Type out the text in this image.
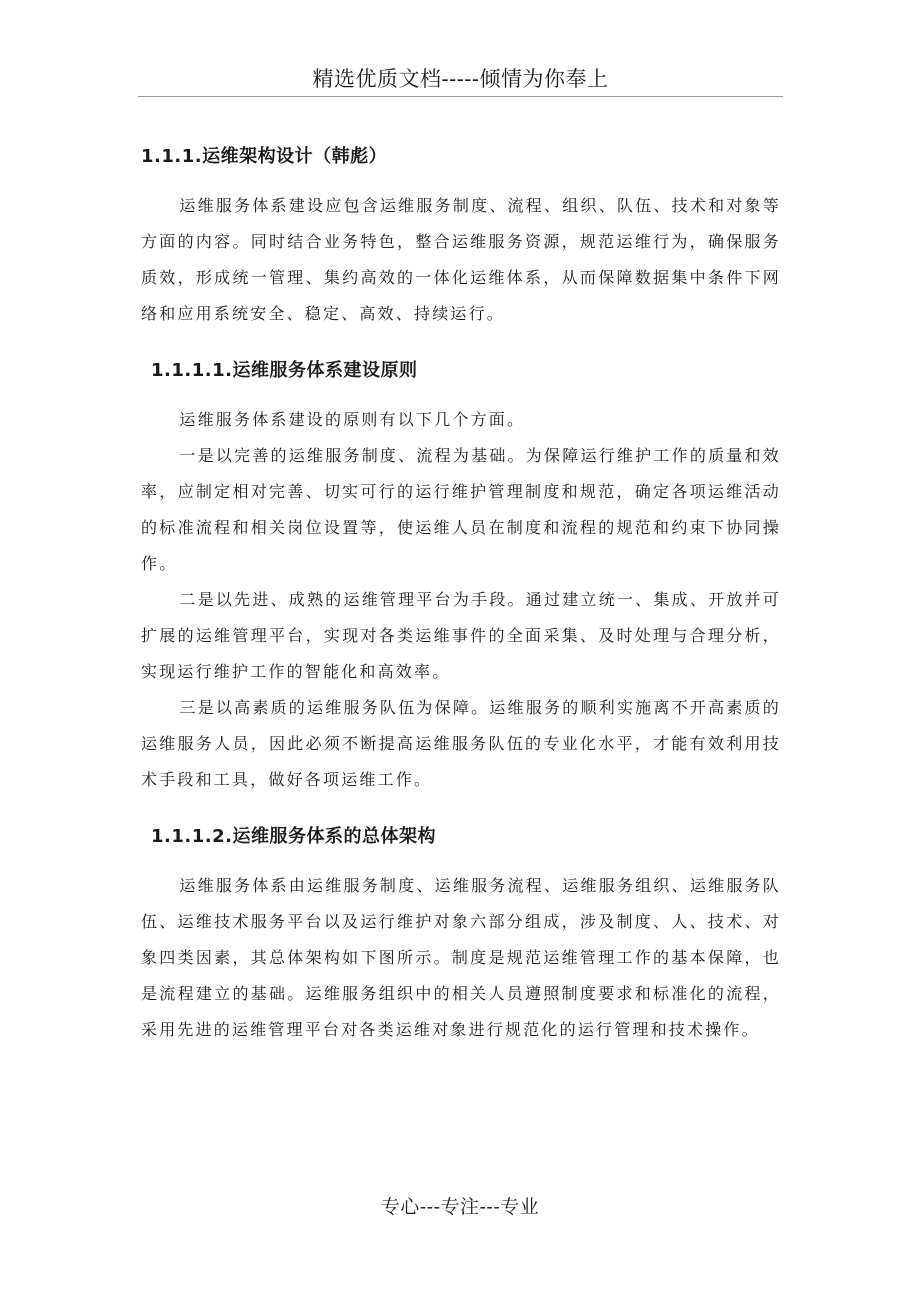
精选优质文档-----倾情为你奉上
1.1.1.运维架构设计（韩彪）

运维服务体系建设应包含运维服务制度、流程、组织、队伍、技术和对象等方面的内容。同时结合业务特色，整合运维服务资源，规范运维行为，确保服务质效，形成统一管理、集约高效的一体化运维体系，从而保障数据集中条件下网络和应用系统安全、稳定、高效、持续运行。

1.1.1.1.运维服务体系建设原则

运维服务体系建设的原则有以下几个方面。

一是以完善的运维服务制度、流程为基础。为保障运行维护工作的质量和效率，应制定相对完善、切实可行的运行维护管理制度和规范，确定各项运维活动的标准流程和相关岗位设置等，使运维人员在制度和流程的规范和约束下协同操作。

二是以先进、成熟的运维管理平台为手段。通过建立统一、集成、开放并可扩展的运维管理平台，实现对各类运维事件的全面采集、及时处理与合理分析，实现运行维护工作的智能化和高效率。

三是以高素质的运维服务队伍为保障。运维服务的顺利实施离不开高素质的运维服务人员，因此必须不断提高运维服务队伍的专业化水平，才能有效利用技术手段和工具，做好各项运维工作。

1.1.1.2.运维服务体系的总体架构

运维服务体系由运维服务制度、运维服务流程、运维服务组织、运维服务队伍、运维技术服务平台以及运行维护对象六部分组成，涉及制度、人、技术、对象四类因素，其总体架构如下图所示。制度是规范运维管理工作的基本保障，也是流程建立的基础。运维服务组织中的相关人员遵照制度要求和标准化的流程，采用先进的运维管理平台对各类运维对象进行规范化的运行管理和技术操作。

专心---专注---专业
